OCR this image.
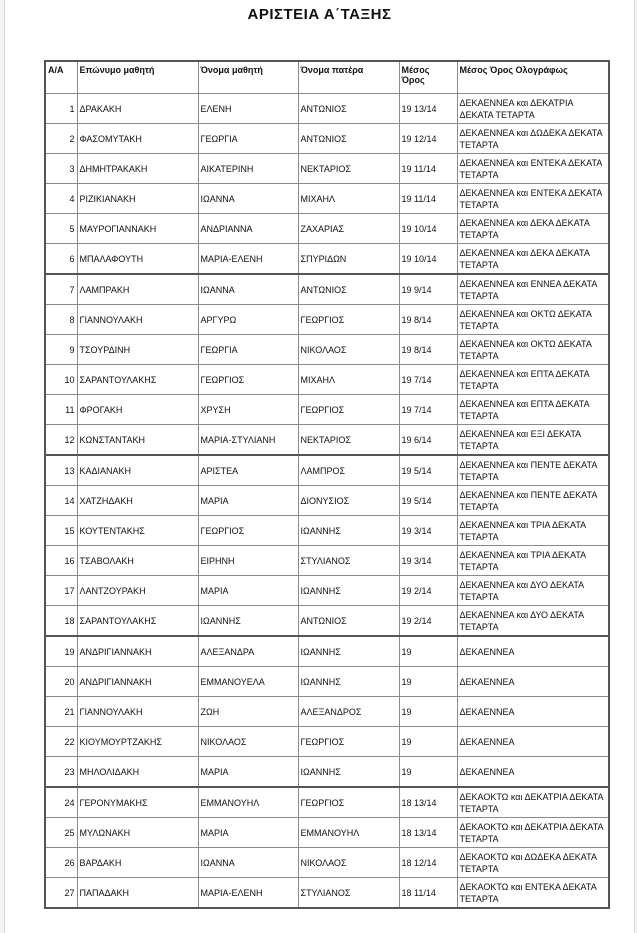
ΑΡΙΣΤΕΙΑ Α΄ΤΑΞΗΣ
Α/Α	Επώνυμο μαθητή	Όνομα μαθητή	Όνομα πατέρα	Μέσος Όρος	Μέσος Όρος Ολογράφως
1	ΔΡΑΚΑΚΗ	ΕΛΕΝΗ	ΑΝΤΩΝΙΟΣ	19 13/14	ΔΕΚΑΕΝΝΕΑ και ΔΕΚΑΤΡΙΑ ΔΕΚΑΤΑ ΤΕΤΑΡΤΑ
2	ΦΑΣΟΜΥΤΑΚΗ	ΓΕΩΡΓΙΑ	ΑΝΤΩΝΙΟΣ	19 12/14	ΔΕΚΑΕΝΝΕΑ και ΔΩΔΕΚΑ ΔΕΚΑΤΑ ΤΕΤΑΡΤΑ
3	ΔΗΜΗΤΡΑΚΑΚΗ	ΑΙΚΑΤΕΡΙΝΗ	ΝΕΚΤΑΡΙΟΣ	19 11/14	ΔΕΚΑΕΝΝΕΑ και ΕΝΤΕΚΑ ΔΕΚΑΤΑ ΤΕΤΑΡΤΑ
4	ΡΙΖΙΚΙΑΝΑΚΗ	ΙΩΑΝΝΑ	ΜΙΧΑΗΛ	19 11/14	ΔΕΚΑΕΝΝΕΑ και ΕΝΤΕΚΑ ΔΕΚΑΤΑ ΤΕΤΑΡΤΑ
5	ΜΑΥΡΟΓΙΑΝΝΑΚΗ	ΑΝΔΡΙΑΝΝΑ	ΖΑΧΑΡΙΑΣ	19 10/14	ΔΕΚΑΕΝΝΕΑ και ΔΕΚΑ ΔΕΚΑΤΑ ΤΕΤΑΡΤΑ
6	ΜΠΑΛΑΦΟΥΤΗ	ΜΑΡΙΑ-ΕΛΕΝΗ	ΣΠΥΡΙΔΩΝ	19 10/14	ΔΕΚΑΕΝΝΕΑ και ΔΕΚΑ ΔΕΚΑΤΑ ΤΕΤΑΡΤΑ
7	ΛΑΜΠΡΑΚΗ	ΙΩΑΝΝΑ	ΑΝΤΩΝΙΟΣ	19 9/14	ΔΕΚΑΕΝΝΕΑ και ΕΝΝΕΑ ΔΕΚΑΤΑ ΤΕΤΑΡΤΑ
8	ΓΙΑΝΝΟΥΛΑΚΗ	ΑΡΓΥΡΩ	ΓΕΩΡΓΙΟΣ	19 8/14	ΔΕΚΑΕΝΝΕΑ και ΟΚΤΩ ΔΕΚΑΤΑ ΤΕΤΑΡΤΑ
9	ΤΣΟΥΡΔΙΝΗ	ΓΕΩΡΓΙΑ	ΝΙΚΟΛΑΟΣ	19 8/14	ΔΕΚΑΕΝΝΕΑ και ΟΚΤΩ ΔΕΚΑΤΑ ΤΕΤΑΡΤΑ
10	ΣΑΡΑΝΤΟΥΛΑΚΗΣ	ΓΕΩΡΓΙΟΣ	ΜΙΧΑΗΛ	19 7/14	ΔΕΚΑΕΝΝΕΑ και ΕΠΤΑ ΔΕΚΑΤΑ ΤΕΤΑΡΤΑ
11	ΦΡΟΓΑΚΗ	ΧΡΥΣΗ	ΓΕΩΡΓΙΟΣ	19 7/14	ΔΕΚΑΕΝΝΕΑ και ΕΠΤΑ ΔΕΚΑΤΑ ΤΕΤΑΡΤΑ
12	ΚΩΝΣΤΑΝΤΑΚΗ	ΜΑΡΙΑ-ΣΤΥΛΙΑΝΗ	ΝΕΚΤΑΡΙΟΣ	19 6/14	ΔΕΚΑΕΝΝΕΑ και ΕΞΙ ΔΕΚΑΤΑ ΤΕΤΑΡΤΑ
13	ΚΑΔΙΑΝΑΚΗ	ΑΡΙΣΤΕΑ	ΛΑΜΠΡΟΣ	19 5/14	ΔΕΚΑΕΝΝΕΑ και ΠΕΝΤΕ ΔΕΚΑΤΑ ΤΕΤΑΡΤΑ
14	ΧΑΤΖΗΔΑΚΗ	ΜΑΡΙΑ	ΔΙΟΝΥΣΙΟΣ	19 5/14	ΔΕΚΑΕΝΝΕΑ και ΠΕΝΤΕ ΔΕΚΑΤΑ ΤΕΤΑΡΤΑ
15	ΚΟΥΤΕΝΤΑΚΗΣ	ΓΕΩΡΓΙΟΣ	ΙΩΑΝΝΗΣ	19 3/14	ΔΕΚΑΕΝΝΕΑ και ΤΡΙΑ ΔΕΚΑΤΑ ΤΕΤΑΡΤΑ
16	ΤΣΑΒΟΛΑΚΗ	ΕΙΡΗΝΗ	ΣΤΥΛΙΑΝΟΣ	19 3/14	ΔΕΚΑΕΝΝΕΑ και ΤΡΙΑ ΔΕΚΑΤΑ ΤΕΤΑΡΤΑ
17	ΛΑΝΤΖΟΥΡΑΚΗ	ΜΑΡΙΑ	ΙΩΑΝΝΗΣ	19 2/14	ΔΕΚΑΕΝΝΕΑ και ΔΥΟ ΔΕΚΑΤΑ ΤΕΤΑΡΤΑ
18	ΣΑΡΑΝΤΟΥΛΑΚΗΣ	ΙΩΑΝΝΗΣ	ΑΝΤΩΝΙΟΣ	19 2/14	ΔΕΚΑΕΝΝΕΑ και ΔΥΟ ΔΕΚΑΤΑ ΤΕΤΑΡΤΑ
19	ΑΝΔΡΙΓΙΑΝΝΑΚΗ	ΑΛΕΞΑΝΔΡΑ	ΙΩΑΝΝΗΣ	19	ΔΕΚΑΕΝΝΕΑ
20	ΑΝΔΡΙΓΙΑΝΝΑΚΗ	ΕΜΜΑΝΟΥΕΛΑ	ΙΩΑΝΝΗΣ	19	ΔΕΚΑΕΝΝΕΑ
21	ΓΙΑΝΝΟΥΛΑΚΗ	ΖΩΗ	ΑΛΕΞΑΝΔΡΟΣ	19	ΔΕΚΑΕΝΝΕΑ
22	ΚΙΟΥΜΟΥΡΤΖΑΚΗΣ	ΝΙΚΟΛΑΟΣ	ΓΕΩΡΓΙΟΣ	19	ΔΕΚΑΕΝΝΕΑ
23	ΜΗΛΟΛΙΔΑΚΗ	ΜΑΡΙΑ	ΙΩΑΝΝΗΣ	19	ΔΕΚΑΕΝΝΕΑ
24	ΓΕΡΟΝΥΜΑΚΗΣ	ΕΜΜΑΝΟΥΗΛ	ΓΕΩΡΓΙΟΣ	18 13/14	ΔΕΚΑΟΚΤΩ και ΔΕΚΑΤΡΙΑ ΔΕΚΑΤΑ ΤΕΤΑΡΤΑ
25	ΜΥΛΩΝΑΚΗ	ΜΑΡΙΑ	ΕΜΜΑΝΟΥΗΛ	18 13/14	ΔΕΚΑΟΚΤΩ και ΔΕΚΑΤΡΙΑ ΔΕΚΑΤΑ ΤΕΤΑΡΤΑ
26	ΒΑΡΔΑΚΗ	ΙΩΑΝΝΑ	ΝΙΚΟΛΑΟΣ	18 12/14	ΔΕΚΑΟΚΤΩ και ΔΩΔΕΚΑ ΔΕΚΑΤΑ ΤΕΤΑΡΤΑ
27	ΠΑΠΑΔΑΚΗ	ΜΑΡΙΑ-ΕΛΕΝΗ	ΣΤΥΛΙΑΝΟΣ	18 11/14	ΔΕΚΑΟΚΤΩ και ΕΝΤΕΚΑ ΔΕΚΑΤΑ ΤΕΤΑΡΤΑ
